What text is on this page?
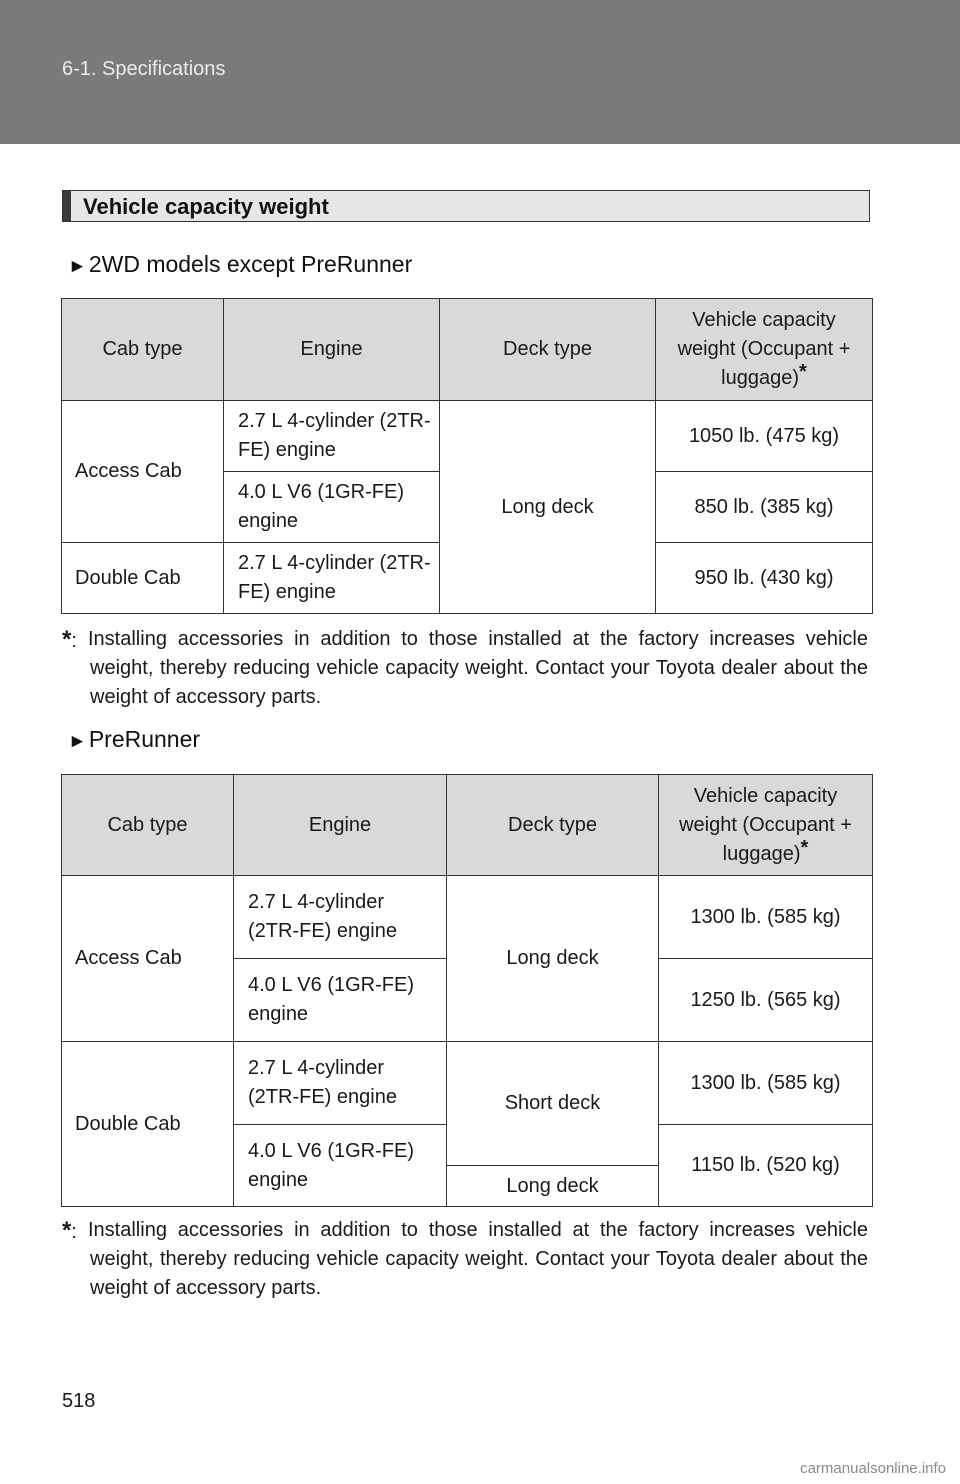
6-1. Specifications
Vehicle capacity weight
►2WD models except PreRunner
Cab type	Engine	Deck type	Vehicle capacity weight (Occupant + luggage)*
Access Cab	2.7 L 4-cylinder (2TR-FE) engine	Long deck	1050 lb. (475 kg)
	4.0 L V6 (1GR-FE) engine		850 lb. (385 kg)
Double Cab	2.7 L 4-cylinder (2TR-FE) engine		950 lb. (430 kg)
*: Installing accessories in addition to those installed at the factory increases vehicle weight, thereby reducing vehicle capacity weight. Contact your Toyota dealer about the weight of accessory parts.
►PreRunner
Cab type	Engine	Deck type	Vehicle capacity weight (Occupant + luggage)*
Access Cab	2.7 L 4-cylinder (2TR-FE) engine	Long deck	1300 lb. (585 kg)
	4.0 L V6 (1GR-FE) engine		1250 lb. (565 kg)
Double Cab	2.7 L 4-cylinder (2TR-FE) engine	Short deck	1300 lb. (585 kg)
	4.0 L V6 (1GR-FE) engine		1150 lb. (520 kg)
		Long deck	
*: Installing accessories in addition to those installed at the factory increases vehicle weight, thereby reducing vehicle capacity weight. Contact your Toyota dealer about the weight of accessory parts.
518
carmanualsonline.info
